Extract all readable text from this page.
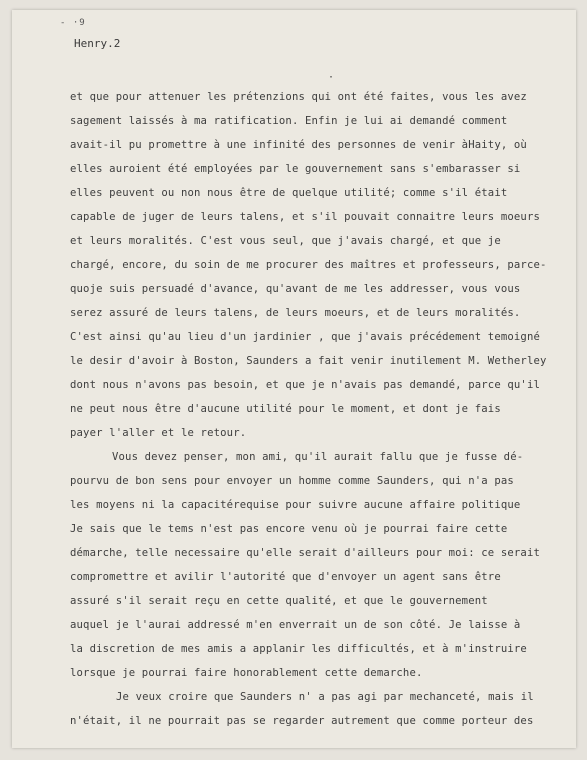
- ·9
Henry.2
·
et que pour attenuer les prétenzions qui ont été faites, vous les avez
sagement laissés à ma ratification. Enfin je lui ai demandé comment
avait-il pu promettre à une infinité des personnes de venir àHaity, où
elles auroient été employées par le gouvernement sans s'embarasser si
elles peuvent ou non nous être de quelque utilité; comme s'il était
capable de juger de leurs talens, et s'il pouvait connaitre leurs moeurs
et leurs moralités. C'est vous seul, que j'avais chargé, et que je
chargé, encore, du soin de me procurer des maîtres et professeurs, parce-
quoje suis persuadé d'avance, qu'avant de me les addresser, vous vous
serez assuré de leurs talens, de leurs moeurs, et de leurs moralités.
C'est ainsi qu'au lieu d'un jardinier , que j'avais précédement temoigné
le desir d'avoir à Boston, Saunders a fait venir inutilement M. Wetherley
dont nous n'avons pas besoin, et que je n'avais pas demandé, parce qu'il
ne peut nous être d'aucune utilité pour le moment, et dont je fais
payer l'aller et le retour.
Vous devez penser, mon ami, qu'il aurait fallu que je fusse dé-
pourvu de bon sens pour envoyer un homme comme Saunders, qui n'a pas
les moyens ni la capacitérequise pour suivre aucune affaire politique
Je sais que le tems n'est pas encore venu où je pourrai faire cette
démarche, telle necessaire qu'elle serait d'ailleurs pour moi: ce serait
compromettre et avilir l'autorité que d'envoyer un agent sans être
assuré s'il serait reçu en cette qualité, et que le gouvernement
auquel je l'aurai addressé m'en enverrait un de son côté. Je laisse à
la discretion de mes amis a applanir les difficultés, et à m'instruire
lorsque je pourrai faire honorablement cette demarche.
Je veux croire que Saunders n' a pas agi par mechanceté, mais il
n'était, il ne pourrait pas se regarder autrement que comme porteur des
